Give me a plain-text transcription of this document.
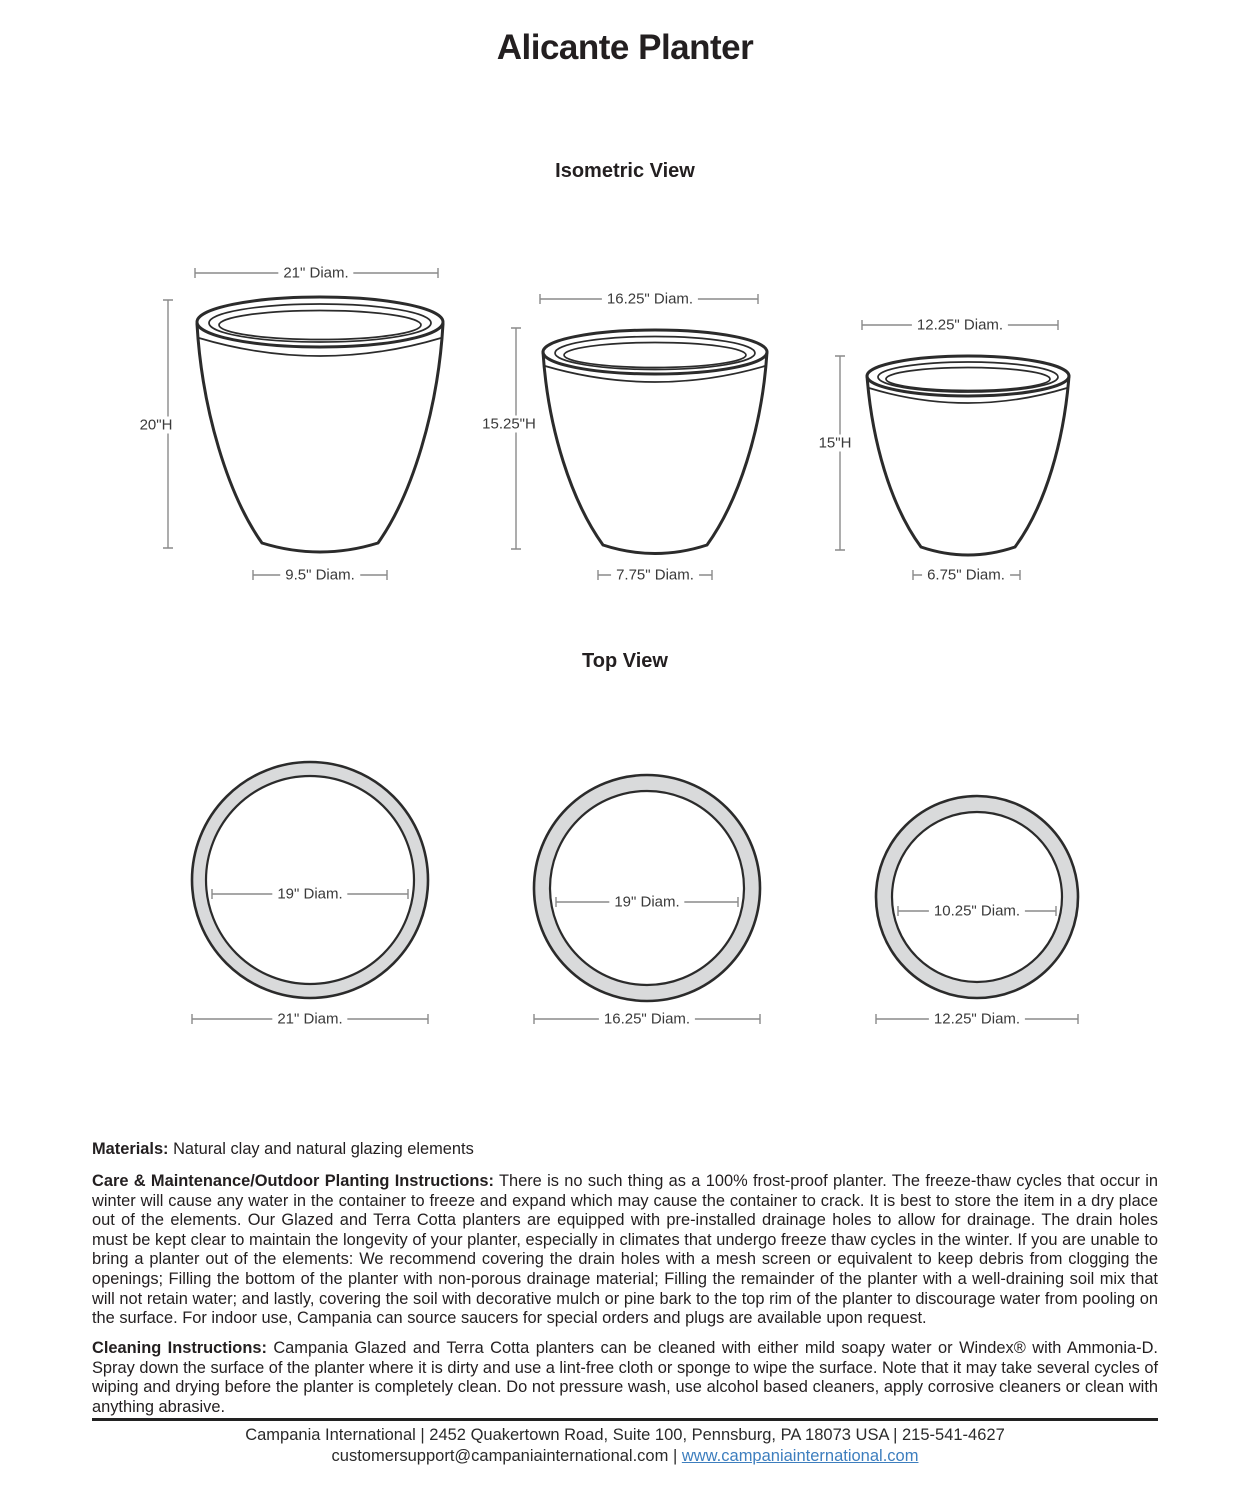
Alicante Planter
Isometric View
21" Diam.
20"H
9.5" Diam.
16.25" Diam.
15.25"H
7.75" Diam.
12.25" Diam.
15"H
6.75" Diam.
Top View
19" Diam.
21" Diam.
19" Diam.
16.25" Diam.
10.25" Diam.
12.25" Diam.

Materials: Natural clay and natural glazing elements

Care & Maintenance/Outdoor Planting Instructions: There is no such thing as a 100% frost-proof planter. The freeze-thaw cycles that occur in winter will cause any water in the container to freeze and expand which may cause the container to crack. It is best to store the item in a dry place out of the elements. Our Glazed and Terra Cotta planters are equipped with pre-installed drainage holes to allow for drainage. The drain holes must be kept clear to maintain the longevity of your planter, especially in climates that undergo freeze thaw cycles in the winter. If you are unable to bring a planter out of the elements: We recommend covering the drain holes with a mesh screen or equivalent to keep debris from clogging the openings; Filling the bottom of the planter with non-porous drainage material; Filling the remainder of the planter with a well-draining soil mix that will not retain water; and lastly, covering the soil with decorative mulch or pine bark to the top rim of the planter to discourage water from pooling on the surface. For indoor use, Campania can source saucers for special orders and plugs are available upon request.

Cleaning Instructions: Campania Glazed and Terra Cotta planters can be cleaned with either mild soapy water or Windex® with Ammonia-D. Spray down the surface of the planter where it is dirty and use a lint-free cloth or sponge to wipe the surface. Note that it may take several cycles of wiping and drying before the planter is completely clean. Do not pressure wash, use alcohol based cleaners, apply corrosive cleaners or clean with anything abrasive.

Campania International | 2452 Quakertown Road, Suite 100, Pennsburg, PA 18073 USA | 215-541-4627
customersupport@campaniainternational.com | www.campaniainternational.com
